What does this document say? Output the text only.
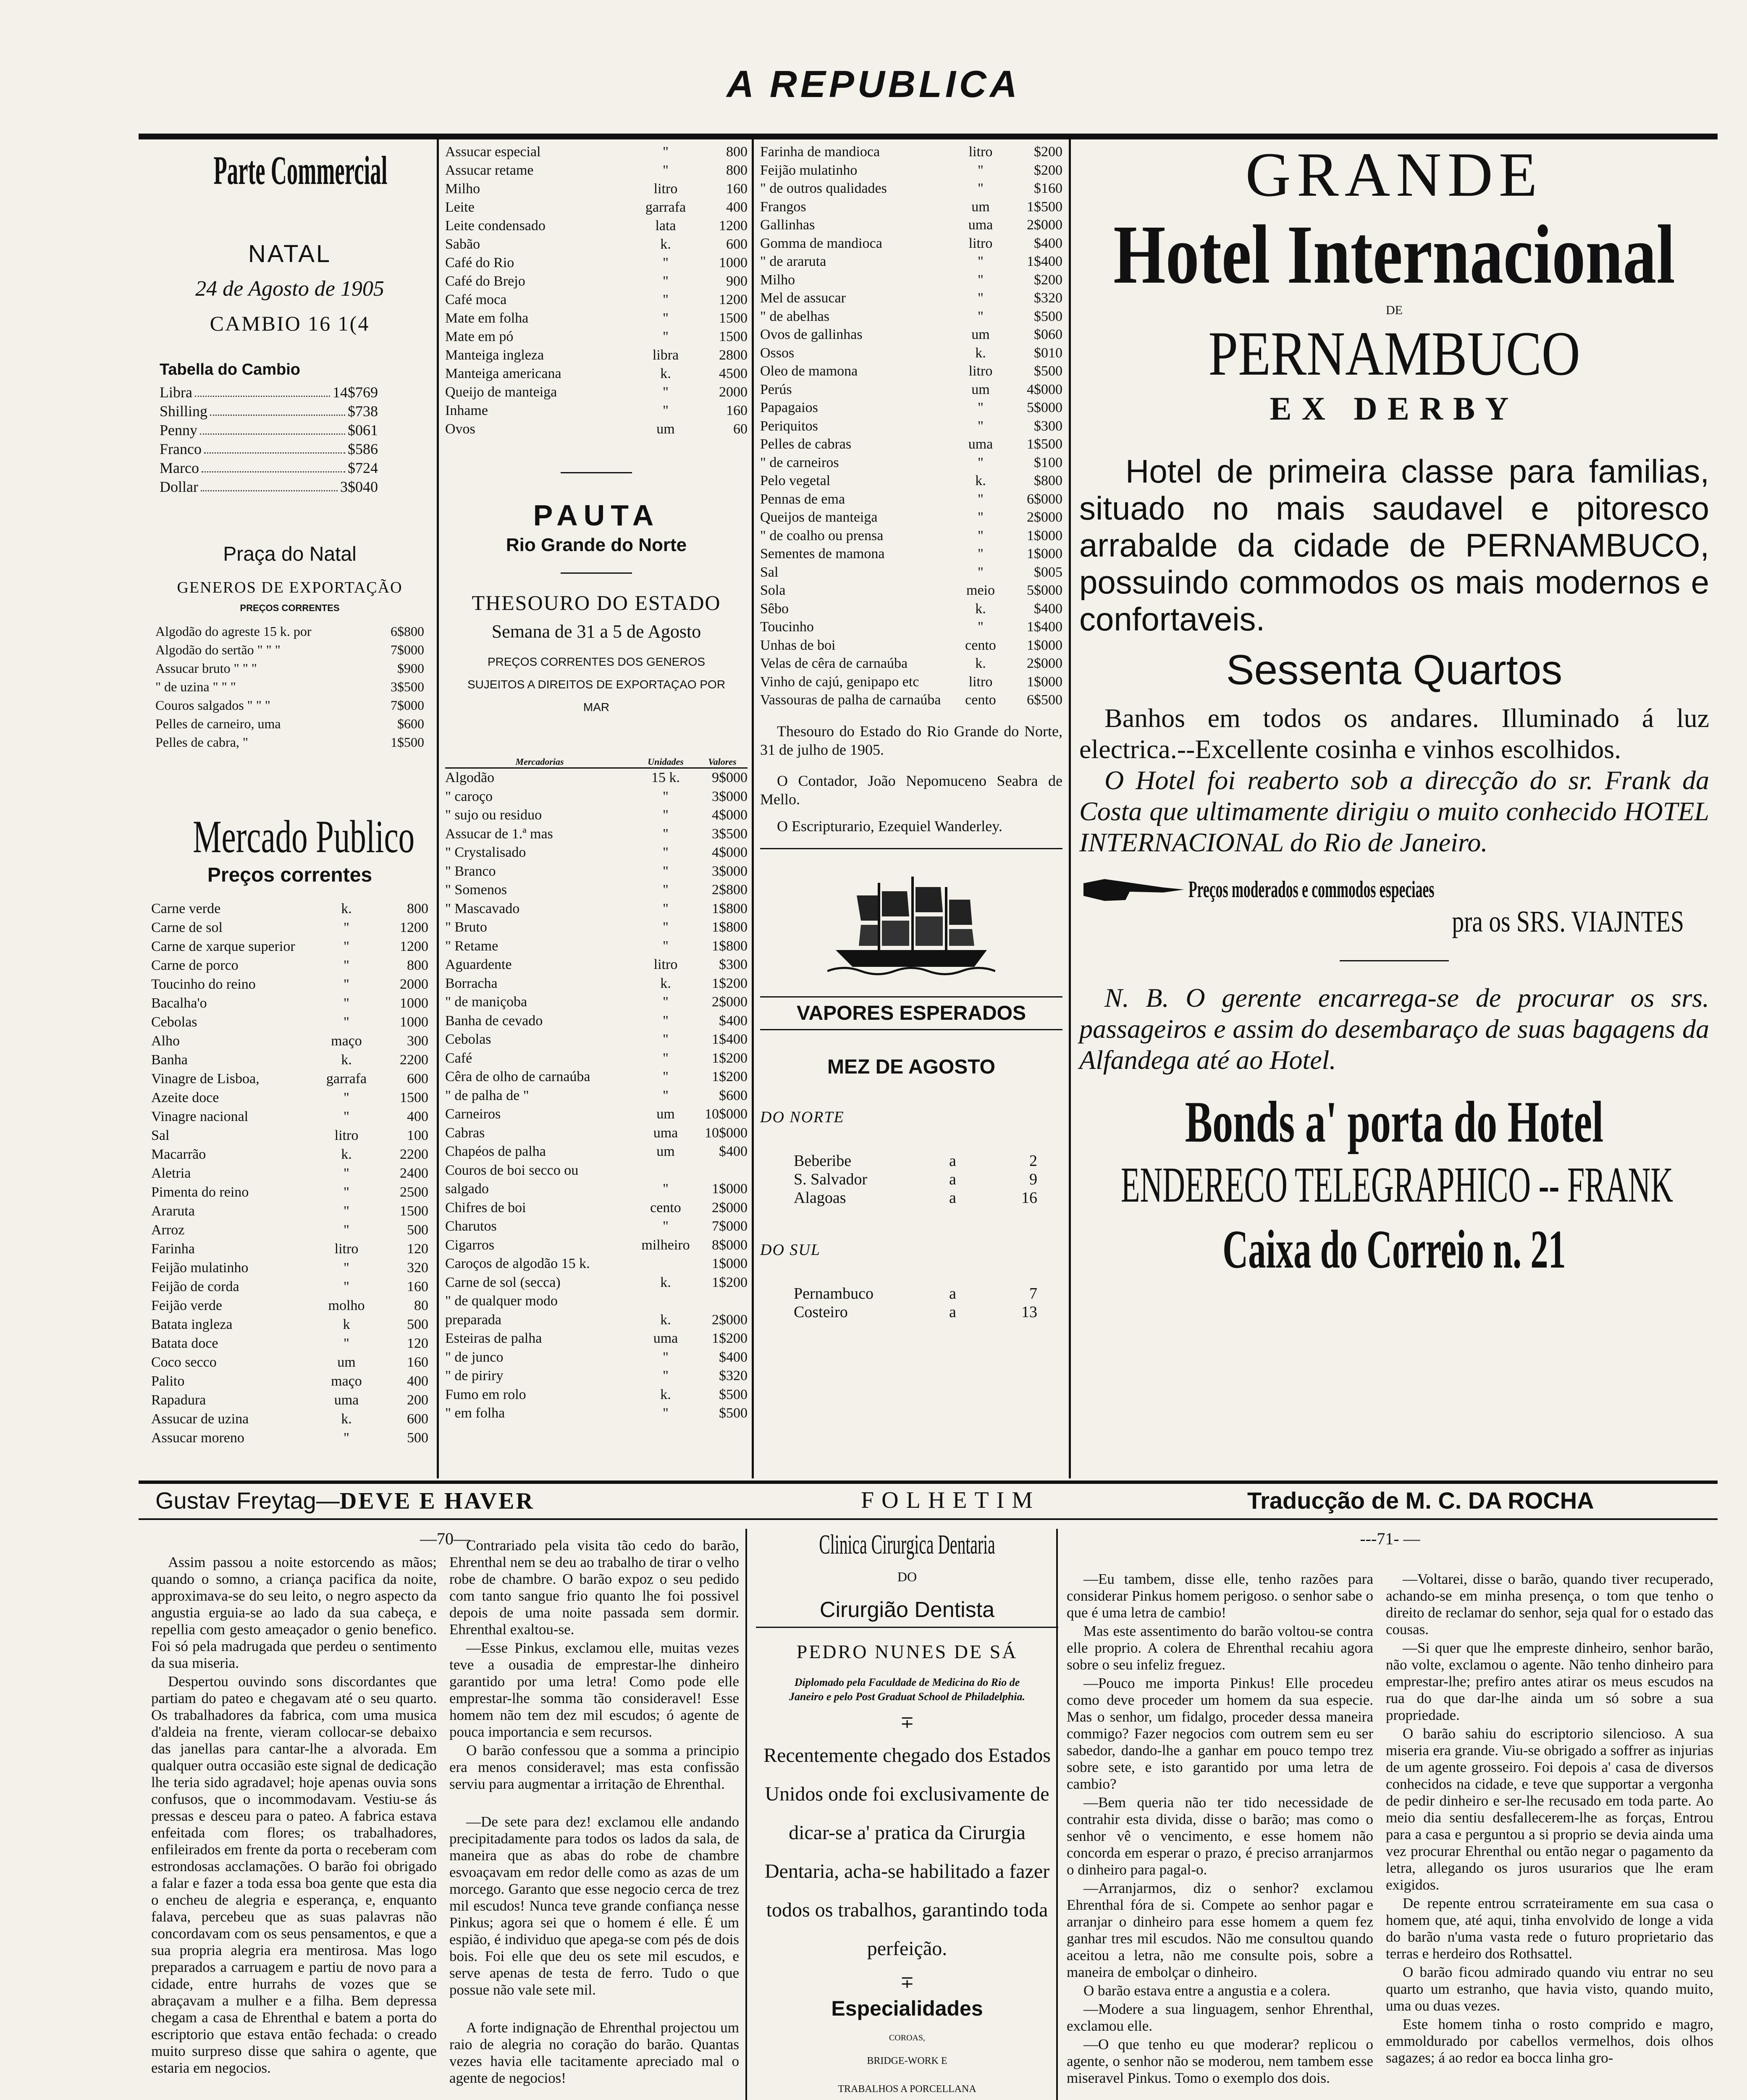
A REPUBLICA
Parte Commercial
NATAL
24 de Agosto de 1905
CAMBIO 16 1(4
Tabella do Cambio
Libra	14$769
Shilling	$738
Penny	$061
Franco	$586
Marco	$724
Dollar	3$040
Praça do Natal
GENEROS DE EXPORTAÇÃO
PREÇOS CORRENTES
Algodão do agreste 15 k. por	6$800
Algodão do sertão " " "	7$000
Assucar bruto " " "	$900
" de uzina " " "	3$500
Couros salgados " " "	7$000
Pelles de carneiro, uma	$600
Pelles de cabra, "	1$500
Mercado Publico
Preços correntes
Carne verde	k.	800
Carne de sol	"	1200
Carne de xarque superior	"	1200
Carne de porco	"	800
Toucinho do reino	"	2000
Bacalha'o	"	1000
Cebolas	"	1000
Alho	maço	300
Banha	k.	2200
Vinagre de Lisboa,	garrafa	600
Azeite doce	"	1500
Vinagre nacional	"	400
Sal	litro	100
Macarrão	k.	2200
Aletria	"	2400
Pimenta do reino	"	2500
Araruta	"	1500
Arroz	"	500
Farinha	litro	120
Feijão mulatinho	"	320
Feijão de corda	"	160
Feijão verde	molho	80
Batata ingleza	k	500
Batata doce	"	120
Coco secco	um	160
Palito	maço	400
Rapadura	uma	200
Assucar de uzina	k.	600
Assucar moreno	"	500
Assucar especial	"	800
Assucar retame	"	800
Milho	litro	160
Leite	garrafa	400
Leite condensado	lata	1200
Sabão	k.	600
Café do Rio	"	1000
Café do Brejo	"	900
Café moca	"	1200
Mate em folha	"	1500
Mate em pó	"	1500
Manteiga ingleza	libra	2800
Manteiga americana	k.	4500
Queijo de manteiga	"	2000
Inhame	"	160
Ovos	um	60
PAUTA
Rio Grande do Norte
THESOURO DO ESTADO
Semana de 31 a 5 de Agosto
PREÇOS CORRENTES DOS GENEROS SUJEITOS A DIREITOS DE EXPORTAÇAO POR MAR
Mercadorias	Unidades	Valores
Algodão	15 k.	9$000
" caroço	"	3$000
" sujo ou residuo	"	4$000
Assucar de 1.ª mas	"	3$500
" Crystalisado	"	4$000
" Branco	"	3$000
" Somenos	"	2$800
" Mascavado	"	1$800
" Bruto	"	1$800
" Retame	"	1$800
Aguardente	litro	$300
Borracha	k.	1$200
" de maniçoba	"	2$000
Banha de cevado	"	$400
Cebolas	"	1$400
Café	"	1$200
Cêra de olho de carnaúba	"	1$200
" de palha de "	"	$600
Carneiros	um	10$000
Cabras	uma	10$000
Chapéos de palha	um	$400
Couros de boi secco ou
salgado	"	1$000
Chifres de boi	cento	2$000
Charutos	"	7$000
Cigarros	milheiro	8$000
Caroços de algodão 15 k.	1$000
Carne de sol (secca)	k.	1$200
" de qualquer modo
preparada	k.	2$000
Esteiras de palha	uma	1$200
" de junco	"	$400
" de piriry	"	$320
Fumo em rolo	k.	$500
" em folha	"	$500
Farinha de mandioca	litro	$200
Feijão mulatinho	"	$200
" de outros qualidades	"	$160
Frangos	um	1$500
Gallinhas	uma	2$000
Gomma de mandioca	litro	$400
" de araruta	"	1$400
Milho	"	$200
Mel de assucar	"	$320
" de abelhas	"	$500
Ovos de gallinhas	um	$060
Ossos	k.	$010
Oleo de mamona	litro	$500
Perús	um	4$000
Papagaios	"	5$000
Periquitos	"	$300
Pelles de cabras	uma	1$500
" de carneiros	"	$100
Pelo vegetal	k.	$800
Pennas de ema	"	6$000
Queijos de manteiga	"	2$000
" de coalho ou prensa	"	1$000
Sementes de mamona	"	1$000
Sal	"	$005
Sola	meio	5$000
Sêbo	k.	$400
Toucinho	"	1$400
Unhas de boi	cento	1$000
Velas de cêra de carnaúba	k.	2$000
Vinho de cajú, genipapo etc	litro	1$000
Vassouras de palha de carnaúba	cento	6$500
Thesouro do Estado do Rio Grande do Norte, 31 de julho de 1905.
O Contador, João Nepomuceno Seabra de Mello.
O Escripturario, Ezequiel Wanderley.
VAPORES ESPERADOS
MEZ DE AGOSTO
DO NORTE
Beberibe	a	2
S. Salvador	a	9
Alagoas	a	16
DO SUL
Pernambuco	a	7
Costeiro	a	13
GRANDE
Hotel Internacional
DE
PERNAMBUCO
EX DERBY
Hotel de primeira classe para familias, situado no mais saudavel e pitoresco arrabalde da cidade de PERNAMBUCO, possuindo commodos os mais modernos e confortaveis.
Sessenta Quartos
Banhos em todos os andares. Illuminado á luz electrica.--Excellente cosinha e vinhos escolhidos.
O Hotel foi reaberto sob a direcção do sr. Frank da Costa que ultimamente dirigiu o muito conhecido HOTEL INTERNACIONAL do Rio de Janeiro.
Preços moderados e commodos especiaes
pra os SRS. VIAJNTES
N. B. O gerente encarrega-se de procurar os srs. passageiros e assim do desembaraço de suas bagagens da Alfandega até ao Hotel.
Bonds a' porta do Hotel
ENDERECO TELEGRAPHICO -- FRANK
Caixa do Correio n. 21
Gustav Freytag—DEVE E HAVER	FOLHETIM	Traducção de M. C. DA ROCHA
—70—	---71- —

Assim passou a noite estorcendo as mãos; quando o somno, a criança pacifica da noite, approximava-se do seu leito, o negro aspecto da angustia erguia-se ao lado da sua cabeça, e repellia com gesto ameaçador o genio benefico. Foi só pela madrugada que perdeu o sentimento da sua miseria.

Despertou ouvindo sons discordantes que partiam do pateo e chegavam até o seu quarto. Os trabalhadores da fabrica, com uma musica d'aldeia na frente, vieram collocar-se debaixo das janellas para cantar-lhe a alvorada. Em qualquer outra occasião este signal de dedicação lhe teria sido agradavel; hoje apenas ouvia sons confusos, que o incommodavam. Vestiu-se ás pressas e desceu para o pateo. A fabrica estava enfeitada com flores; os trabalhadores, enfileirados em frente da porta o receberam com estrondosas acclamações. O barão foi obrigado a falar e fazer a toda essa boa gente que esta dia o encheu de alegria e esperança, e, enquanto falava, percebeu que as suas palavras não concordavam com os seus pensamentos, e que a sua propria alegria era mentirosa. Mas logo preparados a carruagem e partiu de novo para a cidade, entre hurrahs de vozes que se abraçavam a mulher e a filha. Bem depressa chegam a casa de Ehrenthal e batem a porta do escriptorio que estava então fechada: o creado muito surpreso disse que sahira o agente, que estaria em negocios.

Contrariado pela visita tão cedo do barão, Ehrenthal nem se deu ao trabalho de tirar o velho robe de chambre. O barão expoz o seu pedido com tanto sangue frio quanto lhe foi possivel depois de uma noite passada sem dormir. Ehrenthal exaltou-se.

—Esse Pinkus, exclamou elle, muitas vezes teve a ousadia de emprestar-lhe dinheiro garantido por uma letra! Como pode elle emprestar-lhe somma tão consideravel! Esse homem não tem dez mil escudos; ó agente de pouca importancia e sem recursos.

O barão confessou que a somma a principio era menos consideravel; mas esta confissão serviu para augmentar a irritação de Ehrenthal.

—De sete para dez! exclamou elle andando precipitadamente para todos os lados da sala, de maneira que as abas do robe de chambre esvoaçavam em redor delle como as azas de um morcego. Garanto que esse negocio cerca de trez mil escudos! Nunca teve grande confiança nesse Pinkus; agora sei que o homem é elle. É um espião, é individuo que apega-se com pés de dois bois. Foi elle que deu os sete mil escudos, e serve apenas de testa de ferro. Tudo o que possue não vale sete mil.

A forte indignação de Ehrenthal projectou um raio de alegria no coração do barão. Quantas vezes havia elle tacitamente apreciado mal o agente de negocios!

—Eu tambem, disse elle, tenho razões para considerar Pinkus homem perigoso. o senhor sabe o que é uma letra de cambio!

Mas este assentimento do barão voltou-se contra elle proprio. A colera de Ehrenthal recahiu agora sobre o seu infeliz freguez.

—Pouco me importa Pinkus! Elle procedeu como deve proceder um homem da sua especie. Mas o senhor, um fidalgo, proceder dessa maneira commigo? Fazer negocios com outrem sem eu ser sabedor, dando-lhe a ganhar em pouco tempo trez sobre sete, e isto garantido por uma letra de cambio?

—Bem queria não ter tido necessidade de contrahir esta divida, disse o barão; mas como o senhor vê o vencimento, e esse homem não concorda em esperar o prazo, é preciso arranjarmos o dinheiro para pagal-o.

—Arranjarmos, diz o senhor? exclamou Ehrenthal fóra de si. Compete ao senhor pagar e arranjar o dinheiro para esse homem a quem fez ganhar tres mil escudos. Não me consultou quando aceitou a letra, não me consulte pois, sobre a maneira de embolçar o dinheiro.

O barão estava entre a angustia e a colera.

—Modere a sua linguagem, senhor Ehrenthal, exclamou elle.

—O que tenho eu que moderar? replicou o agente, o senhor não se moderou, nem tambem esse miseravel Pinkus. Tomo o exemplo dos dois.

—Voltarei, disse o barão, quando tiver recuperado, achando-se em minha presença, o tom que tenho o direito de reclamar do senhor, seja qual for o estado das cousas.

—Si quer que lhe empreste dinheiro, senhor barão, não volte, exclamou o agente. Não tenho dinheiro para emprestar-lhe; prefiro antes atirar os meus escudos na rua do que dar-lhe ainda um só sobre a sua propriedade.

O barão sahiu do escriptorio silencioso. A sua miseria era grande. Viu-se obrigado a soffrer as injurias de um agente grosseiro. Foi depois a' casa de diversos conhecidos na cidade, e teve que supportar a vergonha de pedir dinheiro e ser-lhe recusado em toda parte. Ao meio dia sentiu desfallecerem-lhe as forças, Entrou para a casa e perguntou a si proprio se devia ainda uma vez procurar Ehrenthal ou então negar o pagamento da letra, allegando os juros usurarios que lhe eram exigidos.

De repente entrou scrrateiramente em sua casa o homem que, até aqui, tinha envolvido de longe a vida do barão n'uma vasta rede o futuro proprietario das terras e herdeiro dos Rothsattel.

O barão ficou admirado quando viu entrar no seu quarto um estranho, que havia visto, quando muito, uma ou duas vezes.

Este homem tinha o rosto comprido e magro, emmoldurado por cabellos vermelhos, dois olhos sagazes; á ao redor ea bocca linha gro-

Clinica Cirurgica Dentaria
DO
Cirurgião Dentista
PEDRO NUNES DE SÁ
Diplomado pela Faculdade de Medicina do Rio de Janeiro e pelo Post Graduat School de Philadelphia.
∓
Recentemente chegado dos Estados Unidos onde foi exclusivamente de dicar-se a' pratica da Cirurgia Dentaria, acha-se habilitado a fazer todos os trabalhos, garantindo toda perfeição.
∓
Especialidades
COROAS,
BRIDGE-WORK E
TRABALHOS A PORCELLANA
